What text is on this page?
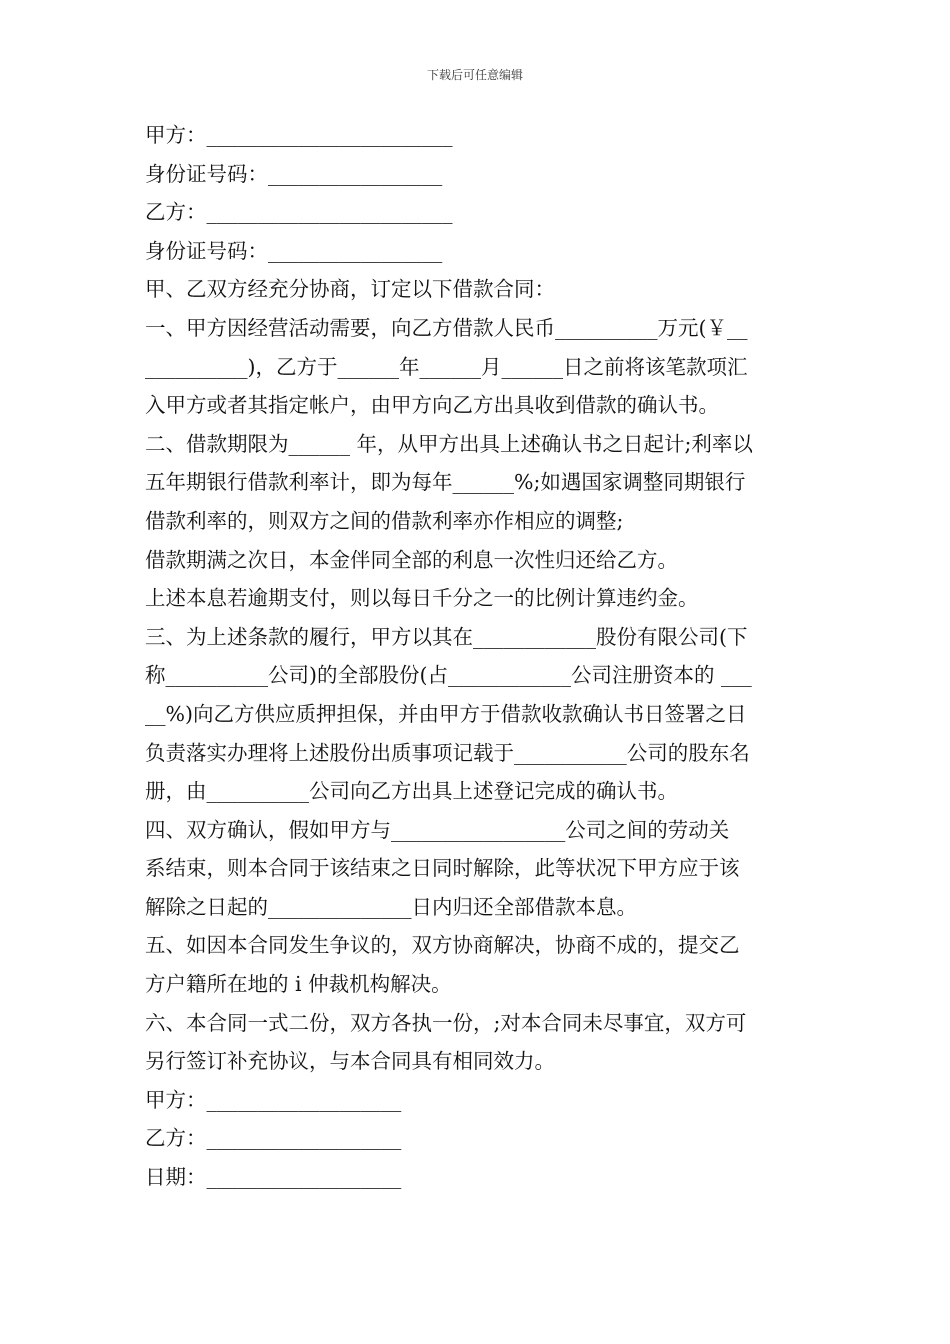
下载后可任意编辑
甲方：________________________
身份证号码：_________________
乙方：________________________
身份证号码：_________________
甲、乙双方经充分协商，订定以下借款合同：
一、甲方因经营活动需要，向乙方借款人民币__________万元(￥__
__________)，乙方于______年______月______日之前将该笔款项汇
入甲方或者其指定帐户，由甲方向乙方出具收到借款的确认书。
二、借款期限为______ 年，从甲方出具上述确认书之日起计;利率以
五年期银行借款利率计，即为每年______%;如遇国家调整同期银行
借款利率的，则双方之间的借款利率亦作相应的调整;
借款期满之次日，本金伴同全部的利息一次性归还给乙方。
上述本息若逾期支付，则以每日千分之一的比例计算违约金。
三、为上述条款的履行，甲方以其在____________股份有限公司(下
称__________公司)的全部股份(占____________公司注册资本的 ___
__%)向乙方供应质押担保，并由甲方于借款收款确认书日签署之日
负责落实办理将上述股份出质事项记载于___________公司的股东名
册，由__________公司向乙方出具上述登记完成的确认书。
四、双方确认，假如甲方与_________________公司之间的劳动关
系结束，则本合同于该结束之日同时解除，此等状况下甲方应于该
解除之日起的______________日内归还全部借款本息。
五、如因本合同发生争议的，双方协商解决，协商不成的，提交乙
方户籍所在地的 i 仲裁机构解决。
六、本合同一式二份，双方各执一份，;对本合同未尽事宜，双方可
另行签订补充协议，与本合同具有相同效力。
甲方：___________________
乙方：___________________
日期：___________________
